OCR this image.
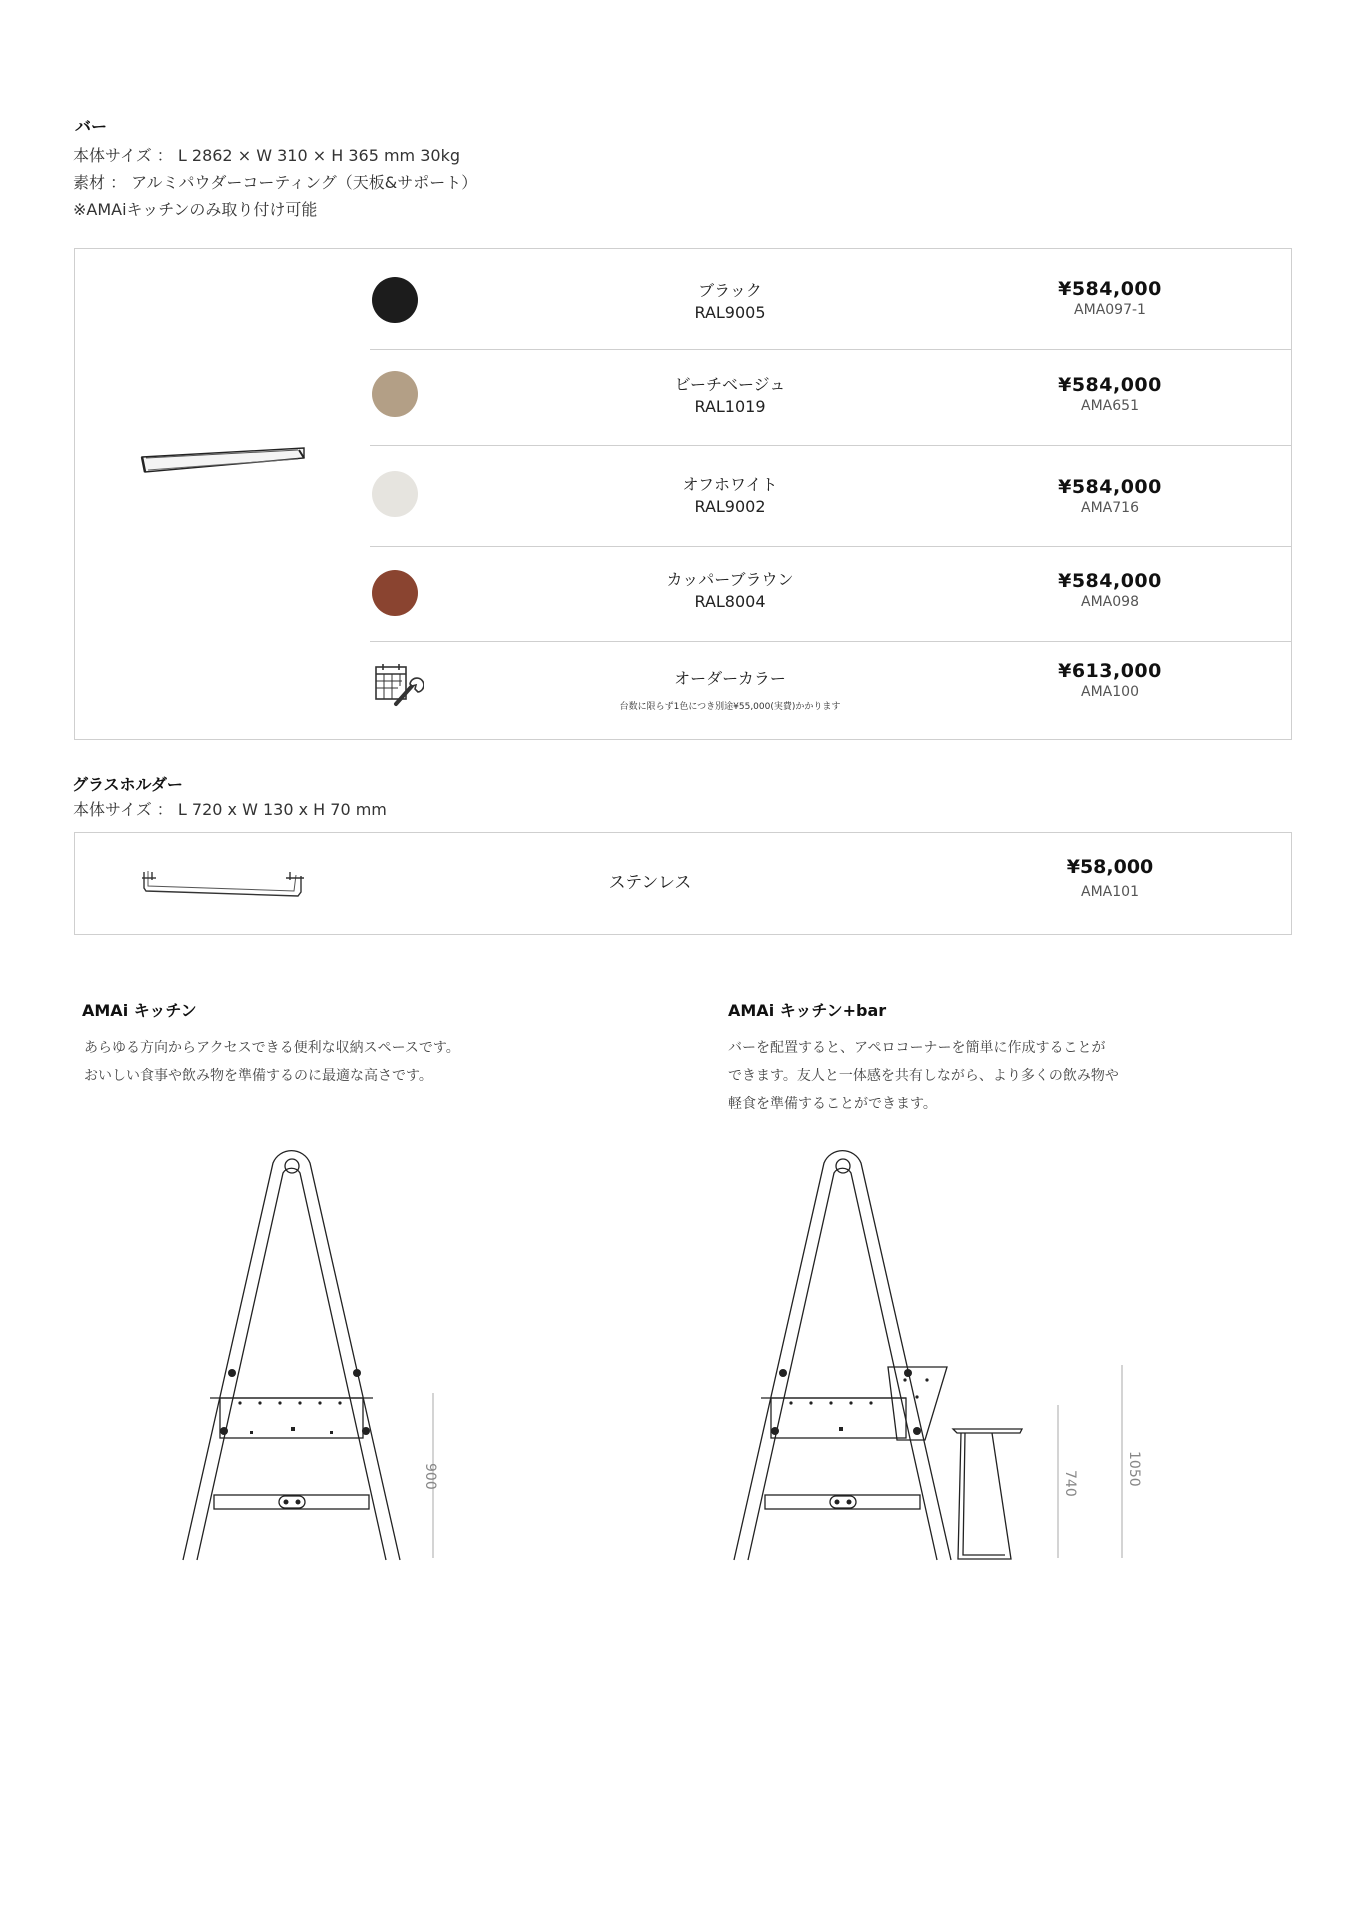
バー
本体サイズ ： L 2862 × W 310 × H 365 mm 30kg
素材 ： アルミパウダーコーティング（天板&サポート）
※AMAiキッチンのみ取り付け可能
ブラック
RAL9005
¥584,000
AMA097-1
ビーチベージュ
RAL1019
¥584,000
AMA651
オフホワイト
RAL9002
¥584,000
AMA716
カッパーブラウン
RAL8004
¥584,000
AMA098
オーダーカラー
台数に限らず1色につき別途¥55,000(実費)かかります
¥613,000
AMA100
グラスホルダー
本体サイズ ： L 720 x W 130 x H 70 mm
ステンレス
¥58,000
AMA101
AMAi キッチン
あらゆる方向からアクセスできる便利な収納スペースです。
おいしい食事や飲み物を準備するのに最適な高さです。
AMAi キッチン+bar
バーを配置すると、アペロコーナーを簡単に作成することが
できます。友人と一体感を共有しながら、より多くの飲み物や
軽食を準備することができます。
900	740	1050
